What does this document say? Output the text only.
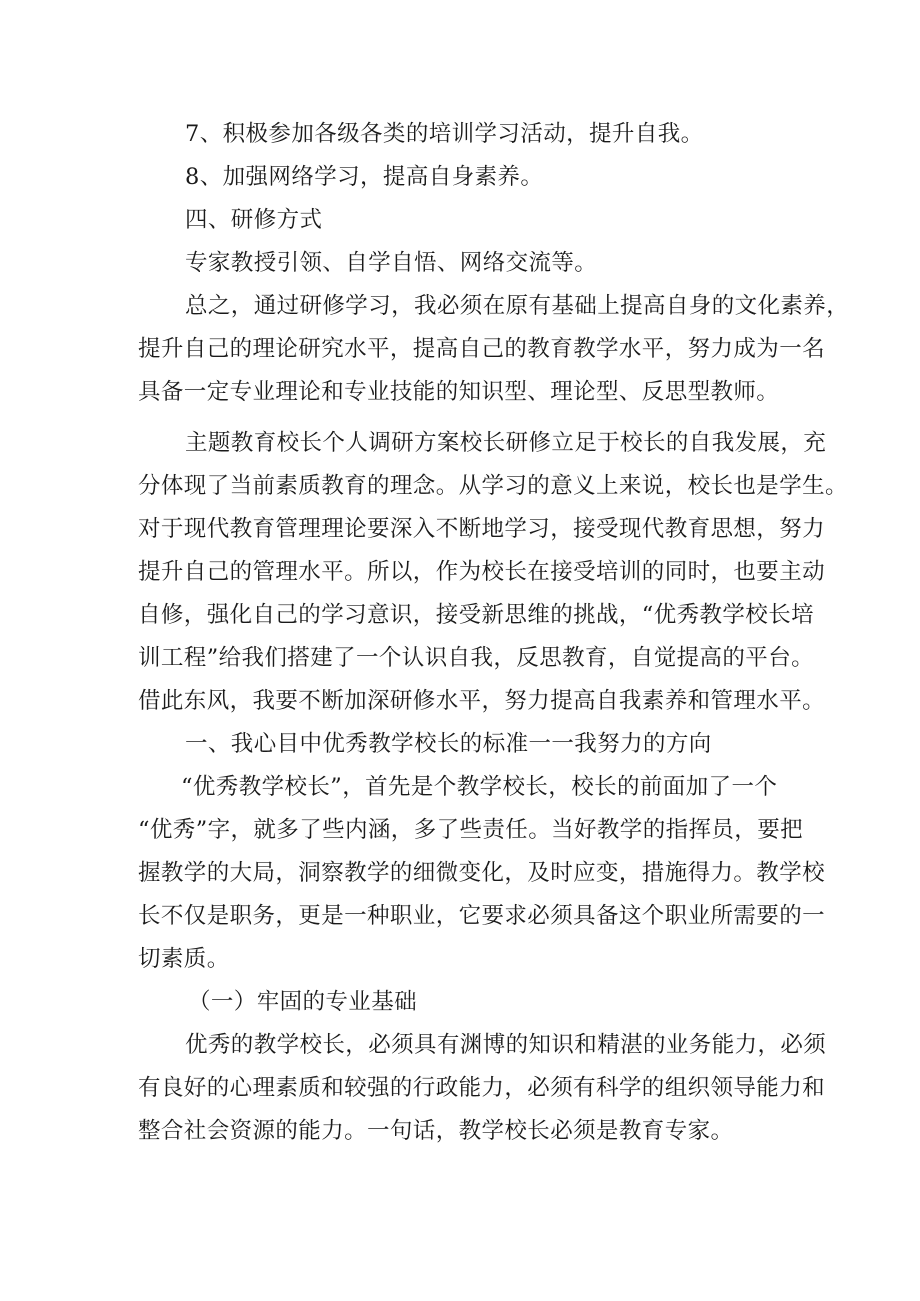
7、积极参加各级各类的培训学习活动，提升自我。
8、加强网络学习，提高自身素养。
四、研修方式
专家教授引领、自学自悟、网络交流等。
总之，通过研修学习，我必须在原有基础上提高自身的文化素养，
提升自己的理论研究水平，提高自己的教育教学水平，努力成为一名
具备一定专业理论和专业技能的知识型、理论型、反思型教师。
主题教育校长个人调研方案校长研修立足于校长的自我发展，充
分体现了当前素质教育的理念。从学习的意义上来说，校长也是学生。
对于现代教育管理理论要深入不断地学习，接受现代教育思想，努力
提升自己的管理水平。所以，作为校长在接受培训的同时，也要主动
自修，强化自己的学习意识，接受新思维的挑战，“优秀教学校长培
训工程”给我们搭建了一个认识自我，反思教育，自觉提高的平台。
借此东风，我要不断加深研修水平，努力提高自我素养和管理水平。
一、我心目中优秀教学校长的标准一一我努力的方向
“优秀教学校长”，首先是个教学校长，校长的前面加了一个
“优秀”字，就多了些内涵，多了些责任。当好教学的指挥员，要把
握教学的大局，洞察教学的细微变化，及时应变，措施得力。教学校
长不仅是职务，更是一种职业，它要求必须具备这个职业所需要的一
切素质。
（一）牢固的专业基础
优秀的教学校长，必须具有渊博的知识和精湛的业务能力，必须
有良好的心理素质和较强的行政能力，必须有科学的组织领导能力和
整合社会资源的能力。一句话，教学校长必须是教育专家。
